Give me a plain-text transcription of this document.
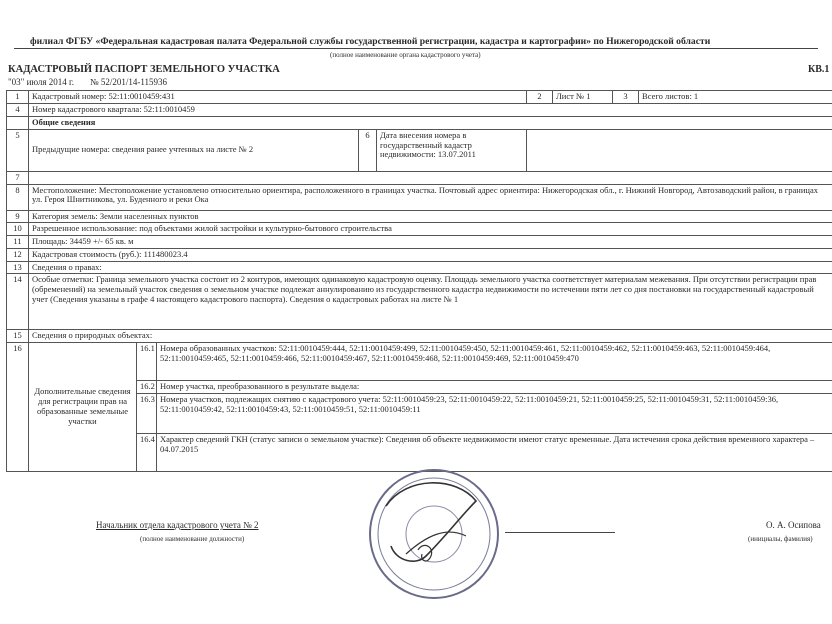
филиал ФГБУ «Федеральная кадастровая палата Федеральной службы государственной регистрации, кадастра и картографии» по Нижегородской области
(полное наименование органа кадастрового учета)
КАДАСТРОВЫЙ ПАСПОРТ ЗЕМЕЛЬНОГО УЧАСТКА	КВ.1
"03" июля 2014 г. № 52/201/14-115936
1	Кадастровый номер: 52:11:0010459:431					2	Лист № 1	3	Всего листов: 1
4	Номер кадастрового квартала: 52:11:0010459								
	Общие сведения								
5	Предыдущие номера: сведения ранее учтенных на листе № 2			6	Дата внесения номера в государственный кадастр недвижимости: 13.07.2011				
7									
8	Местоположение: Местоположение установлено относительно ориентира, расположенного в границах участка. Почтовый адрес ориентира: Нижегородская обл., г. Нижний Новгород, Автозаводский район, в границах ул. Героя Шнитникова, ул. Буденного и реки Ока								
9	Категория земель: Земли населенных пунктов								
10	Разрешенное использование: под объектами жилой застройки и культурно-бытового строительства								
11	Площадь: 34459 +/- 65 кв. м								
12	Кадастровая стоимость (руб.): 111480023.4								
13	Сведения о правах:								
14	Особые отметки: Граница земельного участка состоит из 2 контуров, имеющих одинаковую кадастровую оценку. Площадь земельного участка соответствует материалам межевания. При отсутствии регистрации прав (обременений) на земельный участок сведения о земельном участке подлежат аннулированию из государственного кадастра недвижимости по истечении пяти лет со дня постановки на государственный кадастровый учет (Сведения указаны в графе 4 настоящего кадастрового паспорта). Сведения о кадастровых работах на листе № 1								
15	Сведения о природных объектах:								
16	Дополнительные сведения для регистрации прав на образованные земельные участки	16.1	Номера образованных участков: 52:11:0010459:444, 52:11:0010459:499, 52:11:0010459:450, 52:11:0010459:461, 52:11:0010459:462, 52:11:0010459:463, 52:11:0010459:464, 52:11:0010459:465, 52:11:0010459:466, 52:11:0010459:467, 52:11:0010459:468, 52:11:0010459:469, 52:11:0010459:470						
		16.2	Номер участка, преобразованного в результате выдела:						
		16.3	Номера участков, подлежащих снятию с кадастрового учета: 52:11:0010459:23, 52:11:0010459:22, 52:11:0010459:21, 52:11:0010459:25, 52:11:0010459:31, 52:11:0010459:36, 52:11:0010459:42, 52:11:0010459:43, 52:11:0010459:51, 52:11:0010459:11						
		16.4	Характер сведений ГКН (статус записи о земельном участке): Сведения об объекте недвижимости имеют статус временные. Дата истечения срока действия временного характера – 04.07.2015						
Начальник отдела кадастрового учета № 2
(полное наименование должности)
О. А. Осипова
(инициалы, фамилия)
